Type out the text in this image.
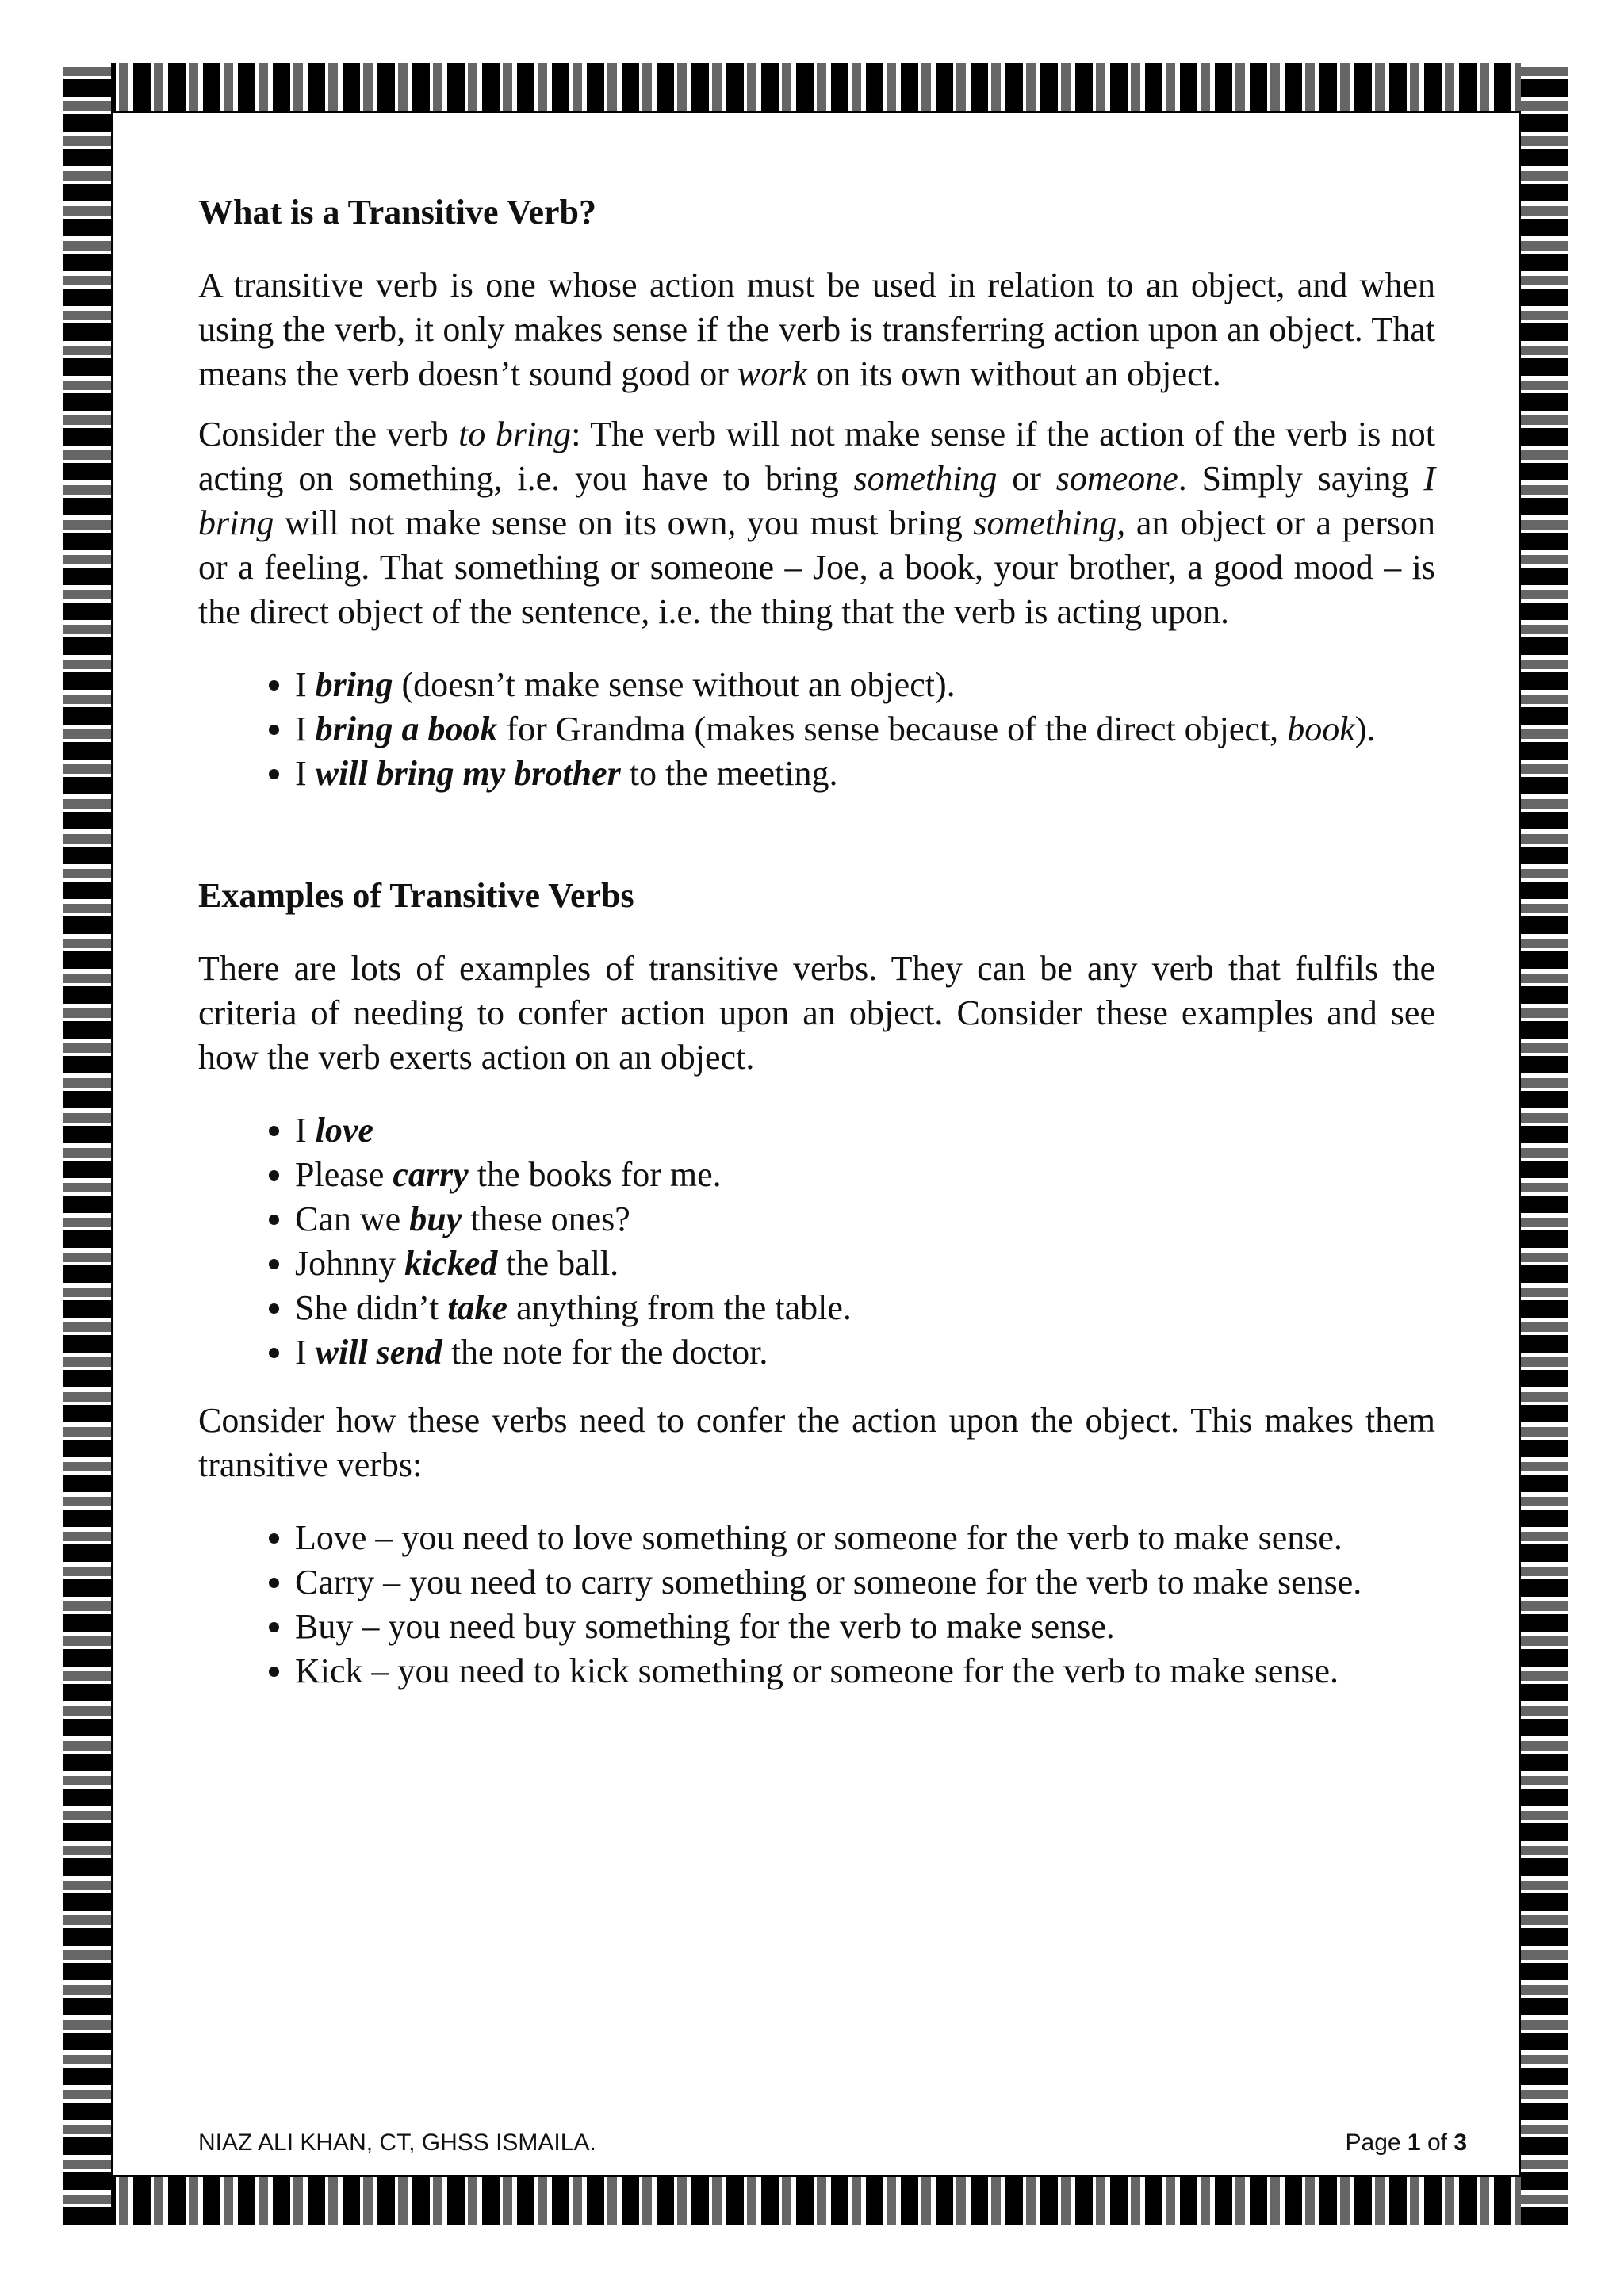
What is a Transitive Verb?

A transitive verb is one whose action must be used in relation to an object, and when using the verb, it only makes sense if the verb is transferring action upon an object. That means the verb doesn’t sound good or work on its own without an object.

Consider the verb to bring: The verb will not make sense if the action of the verb is not acting on something, i.e. you have to bring something or someone. Simply saying I bring will not make sense on its own, you must bring something, an object or a person or a feeling. That something or someone – Joe, a book, your brother, a good mood – is the direct object of the sentence, i.e. the thing that the verb is acting upon.

• I bring (doesn’t make sense without an object).
• I bring a book for Grandma (makes sense because of the direct object, book).
• I will bring my brother to the meeting.
Examples of Transitive Verbs

There are lots of examples of transitive verbs. They can be any verb that fulfils the criteria of needing to confer action upon an object. Consider these examples and see how the verb exerts action on an object.

• I love
• Please carry the books for me.
• Can we buy these ones?
• Johnny kicked the ball.
• She didn’t take anything from the table.
• I will send the note for the doctor.

Consider how these verbs need to confer the action upon the object. This makes them transitive verbs:

• Love – you need to love something or someone for the verb to make sense.
• Carry – you need to carry something or someone for the verb to make sense.
• Buy – you need buy something for the verb to make sense.
• Kick – you need to kick something or someone for the verb to make sense.
NIAZ ALI KHAN, CT, GHSS ISMAILA.	Page 1 of 3
